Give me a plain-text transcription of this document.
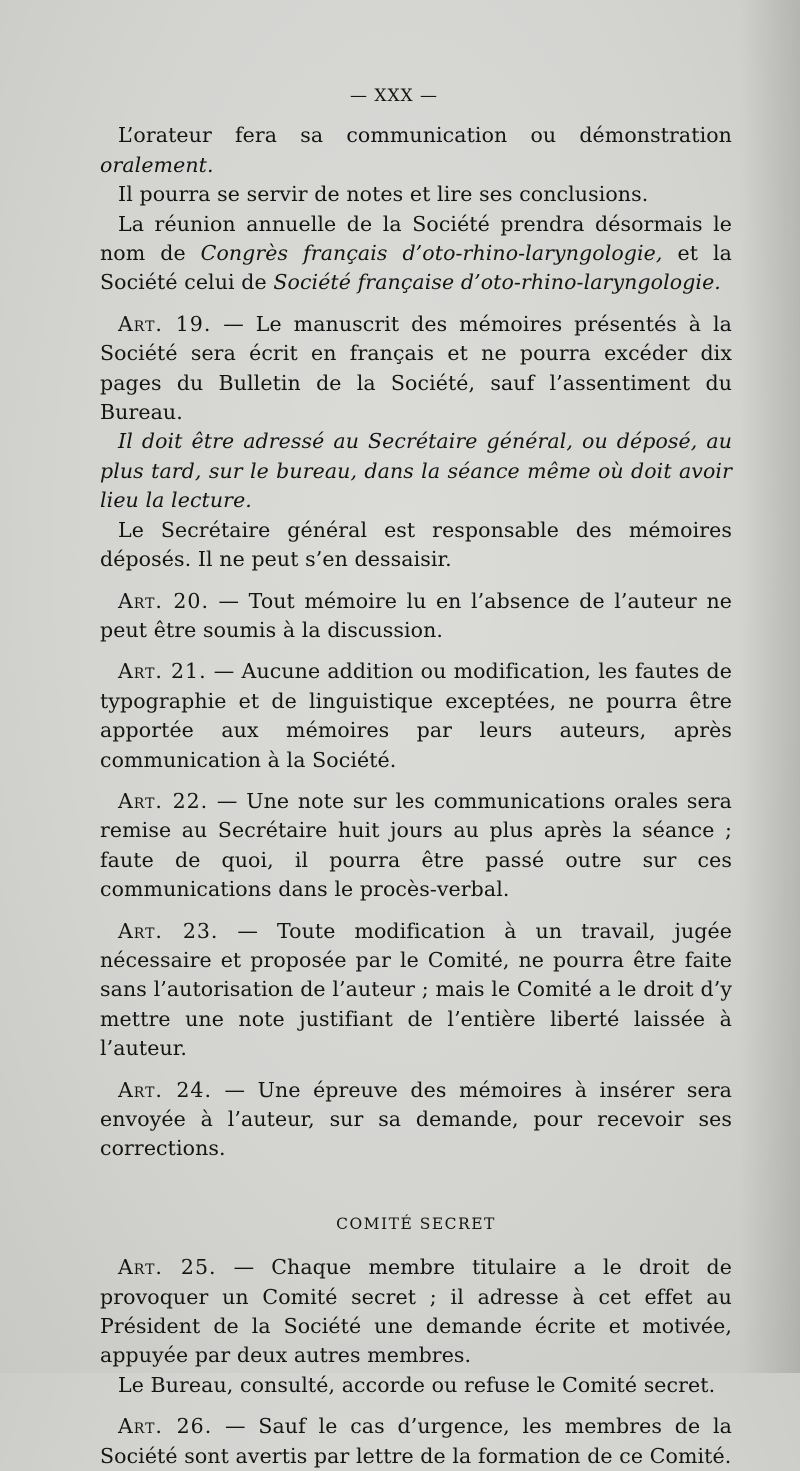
— XXX —

L’orateur fera sa communication ou démonstration oralement.

Il pourra se servir de notes et lire ses conclusions.

La réunion annuelle de la Société prendra désormais le nom de Congrès français d’oto-rhino-laryngologie, et la Société celui de Société française d’oto-rhino-laryngologie.

Art. 19. — Le manuscrit des mémoires présentés à la Société sera écrit en français et ne pourra excéder dix pages du Bulletin de la Société, sauf l’assentiment du Bureau.

Il doit être adressé au Secrétaire général, ou déposé, au plus tard, sur le bureau, dans la séance même où doit avoir lieu la lecture.

Le Secrétaire général est responsable des mémoires déposés. Il ne peut s’en dessaisir.

Art. 20. — Tout mémoire lu en l’absence de l’auteur ne peut être soumis à la discussion.

Art. 21. — Aucune addition ou modification, les fautes de typographie et de linguistique exceptées, ne pourra être apportée aux mémoires par leurs auteurs, après communication à la Société.

Art. 22. — Une note sur les communications orales sera remise au Secrétaire huit jours au plus après la séance ; faute de quoi, il pourra être passé outre sur ces communications dans le procès-verbal.

Art. 23. — Toute modification à un travail, jugée nécessaire et proposée par le Comité, ne pourra être faite sans l’autorisation de l’auteur ; mais le Comité a le droit d’y mettre une note justifiant de l’entière liberté laissée à l’auteur.

Art. 24. — Une épreuve des mémoires à insérer sera envoyée à l’auteur, sur sa demande, pour recevoir ses corrections.

COMITÉ SECRET

Art. 25. — Chaque membre titulaire a le droit de provoquer un Comité secret ; il adresse à cet effet au Président de la Société une demande écrite et motivée, appuyée par deux autres membres.

Le Bureau, consulté, accorde ou refuse le Comité secret.

Art. 26. — Sauf le cas d’urgence, les membres de la Société sont avertis par lettre de la formation de ce Comité.
